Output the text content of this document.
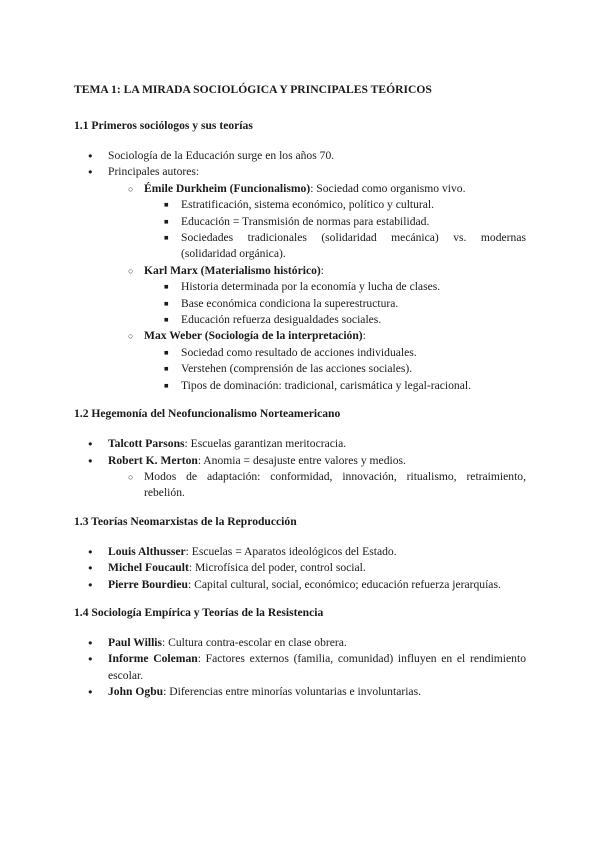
TEMA 1: LA MIRADA SOCIOLÓGICA Y PRINCIPALES TEÓRICOS
1.1 Primeros sociólogos y sus teorías
● Sociología de la Educación surge en los años 70.
● Principales autores:
○ Émile Durkheim (Funcionalismo): Sociedad como organismo vivo.
■ Estratificación, sistema económico, político y cultural.
■ Educación = Transmisión de normas para estabilidad.
■ Sociedades tradicionales (solidaridad mecánica) vs. modernas (solidaridad orgánica).
○ Karl Marx (Materialismo histórico):
■ Historia determinada por la economía y lucha de clases.
■ Base económica condiciona la superestructura.
■ Educación refuerza desigualdades sociales.
○ Max Weber (Sociología de la interpretación):
■ Sociedad como resultado de acciones individuales.
■ Verstehen (comprensión de las acciones sociales).
■ Tipos de dominación: tradicional, carismática y legal-racional.
1.2 Hegemonía del Neofuncionalismo Norteamericano
● Talcott Parsons: Escuelas garantizan meritocracia.
● Robert K. Merton: Anomia = desajuste entre valores y medios.
○ Modos de adaptación: conformidad, innovación, ritualismo, retraimiento, rebelión.
1.3 Teorías Neomarxistas de la Reproducción
● Louis Althusser: Escuelas = Aparatos ideológicos del Estado.
● Michel Foucault: Microfísica del poder, control social.
● Pierre Bourdieu: Capital cultural, social, económico; educación refuerza jerarquías.
1.4 Sociología Empírica y Teorías de la Resistencia
● Paul Willis: Cultura contra-escolar en clase obrera.
● Informe Coleman: Factores externos (familia, comunidad) influyen en el rendimiento escolar.
● John Ogbu: Diferencias entre minorías voluntarias e involuntarias.
